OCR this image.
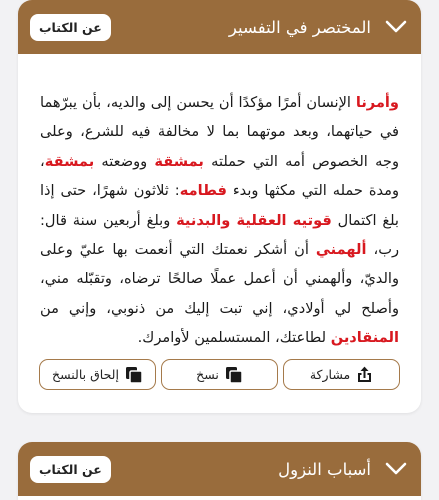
المختصر في التفسير
عن الكتاب

وأمرنا الإنسان أمرًا مؤكدًا أن يحسن إلى والديه، بأن يبرّهما في حياتهما، وبعد موتهما بما لا مخالفة فيه للشرع، وعلى وجه الخصوص أمه التي حملته بمشقة ووضعته بمشقة، ومدة حمله التي مكثها وبدء فطامه: ثلاثون شهرًا، حتى إذا بلغ اكتمال قوتيه العقلية والبدنية وبلغ أربعين سنة قال: رب، ألهمني أن أشكر نعمتك التي أنعمت بها عليّ وعلى والديّ، وألهمني أن أعمل عملًا صالحًا ترضاه، وتقبّله مني، وأصلح لي أولادي، إني تبت إليك من ذنوبي، وإني من المنقادين لطاعتك، المستسلمين لأوامرك.

مشاركة
نسخ
إلحاق بالنسخ
أسباب النزول
عن الكتاب
